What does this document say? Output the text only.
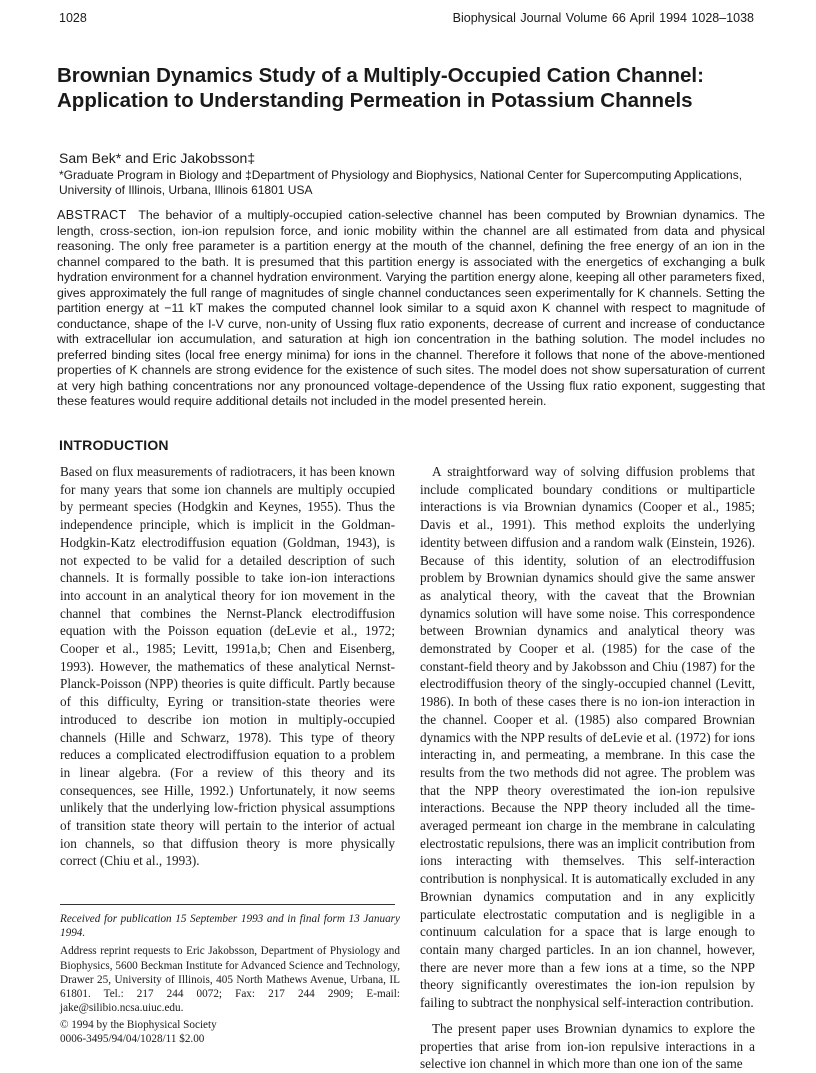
1028	Biophysical Journal Volume 66 April 1994 1028–1038
Brownian Dynamics Study of a Multiply-Occupied Cation Channel: Application to Understanding Permeation in Potassium Channels
Sam Bek* and Eric Jakobsson‡
*Graduate Program in Biology and ‡Department of Physiology and Biophysics, National Center for Supercomputing Applications, University of Illinois, Urbana, Illinois 61801 USA

ABSTRACT The behavior of a multiply-occupied cation-selective channel has been computed by Brownian dynamics. The length, cross-section, ion-ion repulsion force, and ionic mobility within the channel are all estimated from data and physical reasoning. The only free parameter is a partition energy at the mouth of the channel, defining the free energy of an ion in the channel compared to the bath. It is presumed that this partition energy is associated with the energetics of exchanging a bulk hydration environment for a channel hydration environment. Varying the partition energy alone, keeping all other parameters fixed, gives approximately the full range of magnitudes of single channel conductances seen experimentally for K channels. Setting the partition energy at −11 kT makes the computed channel look similar to a squid axon K channel with respect to magnitude of conductance, shape of the I-V curve, non-unity of Ussing flux ratio exponents, decrease of current and increase of conductance with extracellular ion accumulation, and saturation at high ion concentration in the bathing solution. The model includes no preferred binding sites (local free energy minima) for ions in the channel. Therefore it follows that none of the above-mentioned properties of K channels are strong evidence for the existence of such sites. The model does not show supersaturation of current at very high bathing concentrations nor any pronounced voltage-dependence of the Ussing flux ratio exponent, suggesting that these features would require additional details not included in the model presented herein.

INTRODUCTION

Based on flux measurements of radiotracers, it has been known for many years that some ion channels are multiply occupied by permeant species (Hodgkin and Keynes, 1955). Thus the independence principle, which is implicit in the Goldman-Hodgkin-Katz electrodiffusion equation (Goldman, 1943), is not expected to be valid for a detailed description of such channels. It is formally possible to take ion-ion interactions into account in an analytical theory for ion movement in the channel that combines the Nernst-Planck electrodiffusion equation with the Poisson equation (deLevie et al., 1972; Cooper et al., 1985; Levitt, 1991a,b; Chen and Eisenberg, 1993). However, the mathematics of these analytical Nernst-Planck-Poisson (NPP) theories is quite difficult. Partly because of this difficulty, Eyring or transition-state theories were introduced to describe ion motion in multiply-occupied channels (Hille and Schwarz, 1978). This type of theory reduces a complicated electrodiffusion equation to a problem in linear algebra. (For a review of this theory and its consequences, see Hille, 1992.) Unfortunately, it now seems unlikely that the underlying low-friction physical assumptions of transition state theory will pertain to the interior of actual ion channels, so that diffusion theory is more physically correct (Chiu et al., 1993).

Received for publication 15 September 1993 and in final form 13 January 1994.

Address reprint requests to Eric Jakobsson, Department of Physiology and Biophysics, 5600 Beckman Institute for Advanced Science and Technology, Drawer 25, University of Illinois, 405 North Mathews Avenue, Urbana, IL 61801. Tel.: 217 244 0072; Fax: 217 244 2909; E-mail: jake@silibio.ncsa.uiuc.edu.

© 1994 by the Biophysical Society
0006-3495/94/04/1028/11 $2.00

A straightforward way of solving diffusion problems that include complicated boundary conditions or multiparticle interactions is via Brownian dynamics (Cooper et al., 1985; Davis et al., 1991). This method exploits the underlying identity between diffusion and a random walk (Einstein, 1926). Because of this identity, solution of an electrodiffusion problem by Brownian dynamics should give the same answer as analytical theory, with the caveat that the Brownian dynamics solution will have some noise. This correspondence between Brownian dynamics and analytical theory was demonstrated by Cooper et al. (1985) for the case of the constant-field theory and by Jakobsson and Chiu (1987) for the electrodiffusion theory of the singly-occupied channel (Levitt, 1986). In both of these cases there is no ion-ion interaction in the channel. Cooper et al. (1985) also compared Brownian dynamics with the NPP results of deLevie et al. (1972) for ions interacting in, and permeating, a membrane. In this case the results from the two methods did not agree. The problem was that the NPP theory overestimated the ion-ion repulsive interactions. Because the NPP theory included all the time-averaged permeant ion charge in the membrane in calculating electrostatic repulsions, there was an implicit contribution from ions interacting with themselves. This self-interaction contribution is nonphysical. It is automatically excluded in any Brownian dynamics computation and in any explicitly particulate electrostatic computation and is negligible in a continuum calculation for a space that is large enough to contain many charged particles. In an ion channel, however, there are never more than a few ions at a time, so the NPP theory significantly overestimates the ion-ion repulsion by failing to subtract the nonphysical self-interaction contribution.

The present paper uses Brownian dynamics to explore the properties that arise from ion-ion repulsive interactions in a selective ion channel in which more than one ion of the same
